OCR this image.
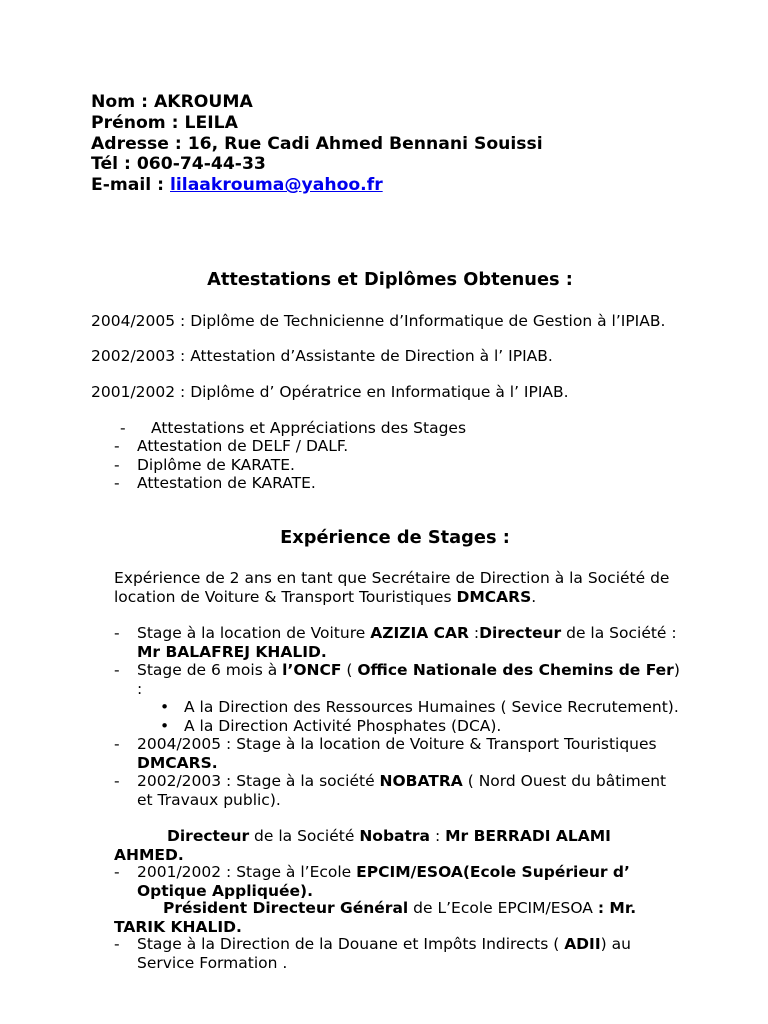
Nom : AKROUMA
Prénom : LEILA
Adresse : 16, Rue Cadi Ahmed Bennani Souissi
Tél : 060-74-44-33
E-mail : lilaakrouma@yahoo.fr
Attestations et Diplômes Obtenues :
2004/2005 : Diplôme de Technicienne d’Informatique de Gestion à l’IPIAB.
2002/2003 : Attestation d’Assistante de Direction à l’ IPIAB.
2001/2002 : Diplôme d’ Opératrice en Informatique à l’ IPIAB.
- Attestations et Appréciations des Stages
- Attestation de DELF / DALF.
- Diplôme de KARATE.
- Attestation de KARATE.
Expérience de Stages :
Expérience de 2 ans en tant que Secrétaire de Direction à la Société de location de Voiture & Transport Touristiques DMCARS.
- Stage à la location de Voiture AZIZIA CAR :Directeur de la Société : Mr BALAFREJ KHALID.
- Stage de 6 mois à l’ONCF ( Office Nationale des Chemins de Fer) :
• A la Direction des Ressources Humaines ( Sevice Recrutement).
• A la Direction Activité Phosphates (DCA).
- 2004/2005 : Stage à la location de Voiture & Transport Touristiques DMCARS.
- 2002/2003 : Stage à la société NOBATRA ( Nord Ouest du bâtiment et Travaux public).
Directeur de la Société Nobatra : Mr BERRADI ALAMI AHMED.
- 2001/2002 : Stage à l’Ecole EPCIM/ESOA(Ecole Supérieur d’ Optique Appliquée).
Président Directeur Général de L’Ecole EPCIM/ESOA : Mr. TARIK KHALID.
- Stage à la Direction de la Douane et Impôts Indirects ( ADII) au Service Formation .
